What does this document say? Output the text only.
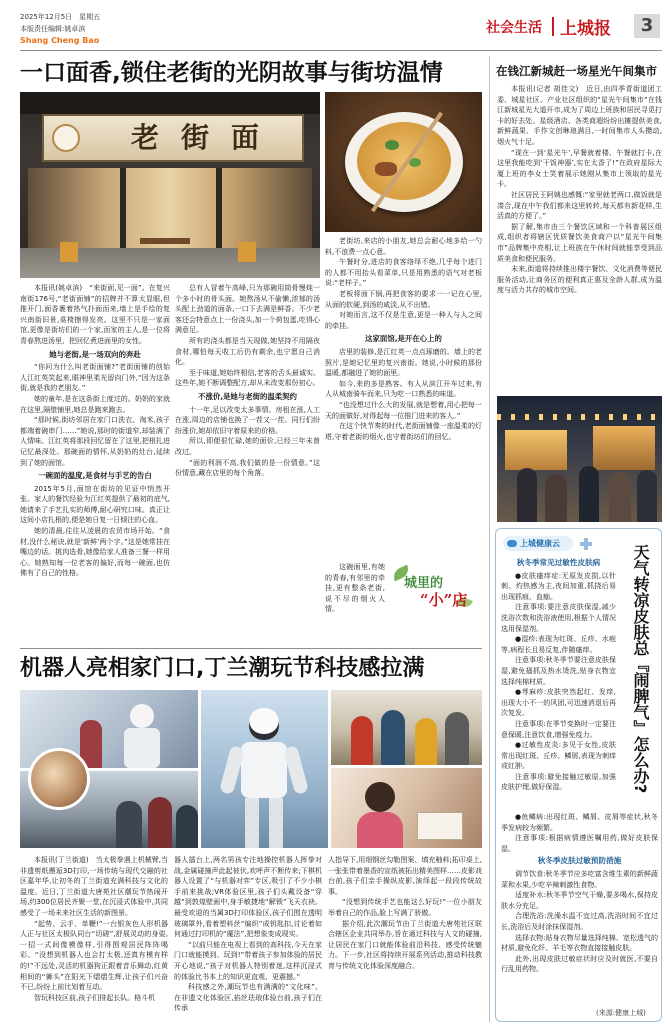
2025年12月5日　星期五
本版责任编辑:姚卓滨
Shang Cheng Bao
社会生活 上城报	3
一口面香,锁住老街的光阴故事与街坊温情
老街面

本报讯(姚卓滨)　“来街面,见一面”。在复兴南街176号,“老街面铺”的招牌并不算太显眼,但推开门,面香裹着热气扑面而来,墙上是手绘的复兴南街旧景,桌椅擦得发亮。这里不只是一家面馆,更像是街坊们的一个家,而家的主人,是一位将青春熬进汤里、把回忆煮进面里的女性。

她与老街,是一场双向的奔赴

“你问为什么叫老街面铺?”老街面铺的创始人江红英笑起来,眼神里柔光留向门外,“因为这条街,就是我的老朋友。”

她的童年,是在这条街上度过的。奶奶的家就在这里,隔壁铺里,她总是跑来跑去。

“那时候,街坊邻居在家门口洗衣、淘米,孩子都端着碗串门……”她说,那时的街道窄,却装满了人情味。江红英将那段回忆留在了这里,把根扎进记忆最深处。那碗面的情怀,从奶奶的灶台,延续到了她的面馆。

一碗面的温度,是食材与手艺的告白

2015年5月,面馆在街坊的见证中悄然开张。家人的餐饮经验为江红英提供了最初的底气,她请来了手艺扎实的师傅,耐心研究口味。真正让这间小店扎根的,便是她日复一日倾注的心血。

她的清晨,往往从凌晨的农贸市场开始。“食材,没什么秘诀,就是‘新鲜’两个字。”这是她常挂在嘴边的话。挑肉选骨,她像给家人准备三餐一样用心。她熟知每一位老客的偏好,而每一碗面,也仿佛有了自己的性格。

总有人冒着午高峰,只为那碗用筒骨慢炖一个多小时的骨头面。她熬汤从不偷懒,浓郁的汤头配上劲道的面条,一口下去满是鲜香。不少老客还会特意点上一份浇头,加一个荷包蛋,吃得心满意足。

所有的浇头都是当天现做,她坚持不用隔夜食材,哪怕每天收工后仍有剩余,也宁愿自己消化。

至于味道,她始终相信,老客的舌头最诚实。这些年,她不断调整配方,却从未改变那份初心。

不涨价,是她与老街的温柔契约

十一年,足以改变太多事情。房租在涨,人工在涨,周边的店铺也换了一茬又一茬。同行们纷纷涨价,她却依旧守着原来的价格。

所以,即便很忙碌,她的面价,已经三年未曾改过。

“面的利润不高,我们做的是一份情意。”这份情意,藏在店里的每个角落。

老街坊,来店的小朋友,她总会耐心地多给一勺料,不浪费一点心意。

午餐时分,进店的食客络绎不绝,几乎每个进门的人都不用抬头看菜单,只是用熟悉的语气对老板说:“老样子。”

老板将面下锅,再把食客的要求一一记在心里,从面的软硬,到汤的咸淡,从不出错。

对她而言,这不仅是生意,更是一种人与人之间的牵挂。

这家面馆,是开在心上的

店里的装修,是江红英一点点琢磨的。墙上的老照片,是她记忆里的复兴南街。她说,小时候的那份温暖,都融进了她的面里。

如今,来的多是熟客。有人从滨江开车过来,有人从城南骑车而来,只为吃一口熟悉的味道。

“也没想过什么大的发展,就是想着,用心把每一天的面做好,对得起每一位推门进来的客人。”

在这个快节奏的时代,老街面铺像一座温柔的灯塔,守着老街的烟火,也守着街坊们的回忆。

这碗面里,有她的青春,有邻里的牵挂,更有整条老街,说不尽的烟火人情。

城里的
“小”店
机器人亮相家门口,丁兰潮玩节科技感拉满

本报讯(丁兰街道)　当太极拳遇上机械臂,当非遗剪纸邂逅3D打印,一场传统与现代交融的社区嘉年华,让初冬的丁兰街道充满科技与文化的温度。近日,丁兰街道大唐苑社区潮玩节热闹开场,约300位居民齐聚一堂,在沉浸式体验中,共同感受了一场未来社区生活的新图景。

“起势、云手、单鞭!”一台银灰色人形机器人正与社区太极队同台“切磋”,舒展灵动的身姿,一招一式间像模像样,引得围观居民阵阵喝彩。“没想到机器人也会打太极,还真有模有样的!”不远处,灵活的机器狗正跟着音乐舞动,红黄相间的“狮头”在阳光下熠熠生辉,让孩子们兴奋不已,纷纷上前比划着互动。

智玩科技区前,孩子们排起长队。格斗机

器人擂台上,两名男孩专注地操控机器人挥拳对战,金属碰撞声此起彼伏,欢呼声不断传来;下棋机器人设置了“与机器对弈”专区,吸引了不少小棋手前来挑战;VR体验区里,孩子们头戴设备“穿越”到敦煌壁画中,身手敏捷地“解锁”飞天衣袂。最受欢迎的当属3D打印体验区,孩子们围在透明玻璃罩外,看着塑料丝“编织”成钥匙扣,讨论着如何通过打印机的“魔法”,把想象变成现实。

“以前只能在电视上看到的高科技,今天在家门口就能摸到、玩到!”带着孩子参加体验的居民开心地说,“孩子对机器人特别着迷,这样沉浸式的体验比书本上的知识更直观、更震撼。”

科技感之外,潮玩节也有满满的“文化味”。在非遗文化体验区,掐丝珐琅体验台前,孩子们在传承

人指导下,用细钢丝勾勒图案、填充釉料;拓印桌上,一张张带着墨香的宣纸被拓出精美图样……皮影戏台前,孩子们亲手操纵皮影,演绎起一段段传统故事。

“没想到传统手艺也能这么好玩!”一位小朋友举着自己的作品,脸上写满了骄傲。

据介绍,此次潮玩节由丁兰街道大唐苑社区联合辖区企业共同举办,旨在通过科技与人文的碰撞,让居民在家门口就能体验前沿科技、感受传统魅力。下一步,社区将持续开展系列活动,推动科技教育与传统文化体验深度融合。

在钱江新城赶一场星光午间集市

本报讯(记者 胡佳文)　近日,由四季青街道团工委、城星社区、产业社区组织的“星光午间集市”在钱江新城星光大道开市,成为了周边上班族和居民寻觅打卡的好去处。星级酒店、各类商超纷纷出摊提供美食,新鲜蔬果、手作文创琳琅满目,一时间集市人头攒动,烟火气十足。

“现在一到‘星光午’,早餐就着楼、午餐就打卡,在这里我能吃到‘干饭神器’,实在太香了!”在政府星际大厦上班的李女士笑着展示她刚从集市上领取的星光卡。

社区居民王阿姨也感慨:“家里就老两口,做饭就是凑合,现在中午我们都来这里转转,每天都有新花样,生活真的方便了。”

据了解,集市由三个餐饮区域和一个科普展区组成,组织者将辖区优质餐饮美食商户以“星光午间集市”品牌集中亮相,让上班族在午休时间就能享受到品质美食和便民服务。

未来,街道将持续推出楼宇餐饮、文化消费等便民服务活动,让商务区的便利真正惠及全龄人群,成为温度与活力共存的城市空间。

上城健康云
天气转凉皮肤总『闹脾气』怎么办?

秋冬季常见过敏性皮肤病

●皮肤瘙痒症:无原发皮损,以针刺、灼热感为主,夜间加重,抓挠后易出现抓痕、血痂。

注意事项:要注意皮肤保湿,减少洗浴次数和洗浴液使用,根据个人情况选用保湿剂。

●湿疹:表现为红斑、丘疹、水疱等,病程长且易反复,伴随瘙痒。

注意事项:秋冬季节要注意皮肤保湿,避免搔抓及热水烫洗,贴身衣物宜选择纯棉材质。

●荨麻疹:皮肤突然起红、发痒,出现大小不一的风团,可迅速消退后再次复发。

注意事项:在季节变换时一定要注意保暖,注意饮食,增强免疫力。

●过敏性皮炎:多见于女性,皮肤常出现红斑、丘疹、鳞屑,表现为刺痒或红肿。

注意事项:避免接触过敏原,加强皮肤护理,做好保湿。

●鱼鳞病:出现红斑、鳞屑、皮屑等症状,秋冬季发病较为频繁。

注意事项:根据病情遵医嘱用药,做好皮肤保湿。

秋冬季皮肤过敏预防措施

调节饮食:秋冬季节应多吃富含维生素的新鲜蔬菜和水果,少吃辛辣刺激性食物。

适度补水:秋冬季节空气干燥,要多喝水,保持皮肤水分充足。

合理洗浴:洗澡水温不宜过高,洗浴时间不宜过长,洗浴后及时涂抹保湿剂。

选择衣物:贴身衣物尽量选择纯棉、宽松透气的材质,避免化纤、羊毛等衣物直接接触皮肤。

此外,出现皮肤过敏症状时应及时就医,不要自行乱用药物。

(来源:健康上城)
